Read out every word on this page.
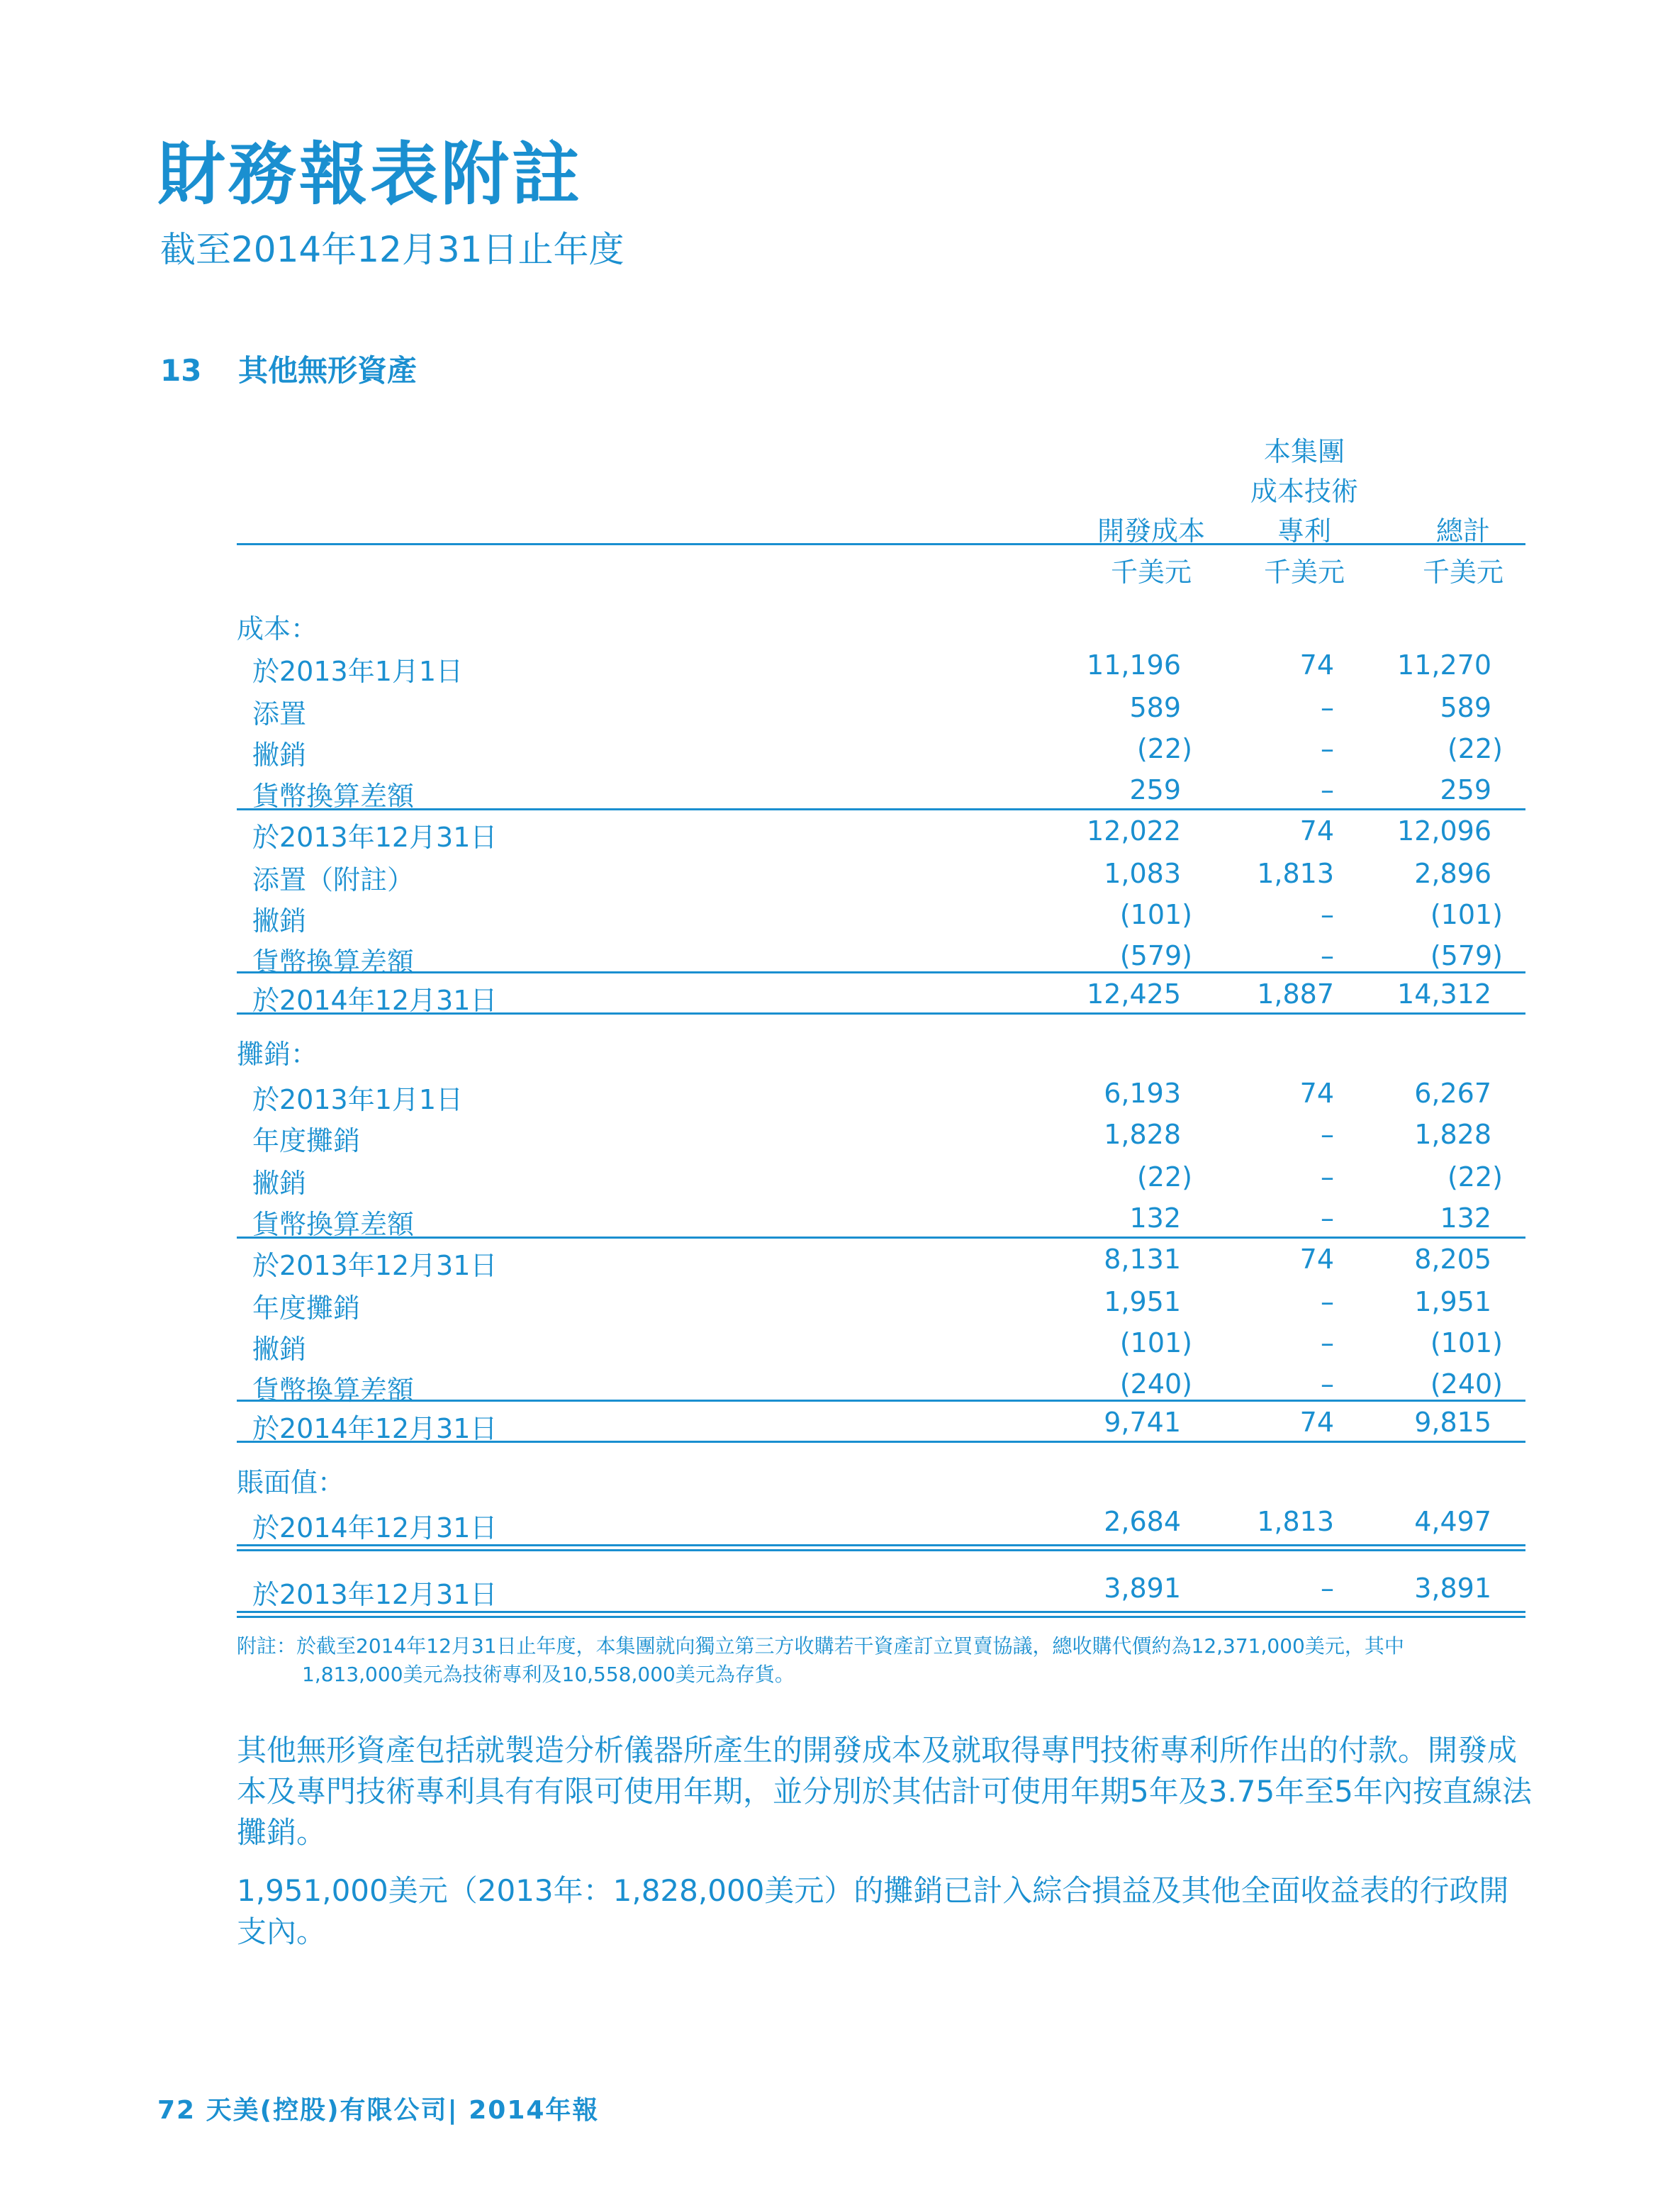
財務報表附註
截至2014年12月31日止年度
13 其他無形資產
本集團
成本技術
開發成本	專利	總計
千美元	千美元	千美元
成本：
於2013年1月1日	11,196	74 11,270
添置	589	–	589
撇銷	(22)	–	(22)
貨幣換算差額	259	–	259
於2013年12月31日	12,022	74 12,096
添置（附註）	1,083	1,813	2,896
撇銷	(101)	–	(101)
貨幣換算差額	(579)	–	(579)
於2014年12月31日	12,425	1,887 14,312
攤銷：
於2013年1月1日	6,193	74	6,267
年度攤銷	1,828	–	1,828
撇銷	(22)	–	(22)
貨幣換算差額	132	–	132
於2013年12月31日	8,131	74	8,205
年度攤銷	1,951	–	1,951
撇銷	(101)	–	(101)
貨幣換算差額	(240)	–	(240)
於2014年12月31日	9,741	74	9,815
賬面值：
於2014年12月31日	2,684	1,813	4,497
於2013年12月31日	3,891	–	3,891
附註：於截至2014年12月31日止年度，本集團就向獨立第三方收購若干資產訂立買賣協議，總收購代價約為12,371,000美元，其中
1,813,000美元為技術專利及10,558,000美元為存貨。
其他無形資產包括就製造分析儀器所產生的開發成本及就取得專門技術專利所作出的付款。開發成本及專門技術專利具有有限可使用年期，並分別於其估計可使用年期5年及3.75年至5年內按直線法攤銷。
1,951,000美元（2013年：1,828,000美元）的攤銷已計入綜合損益及其他全面收益表的行政開支內。
72 天美(控股)有限公司| 2014年報
